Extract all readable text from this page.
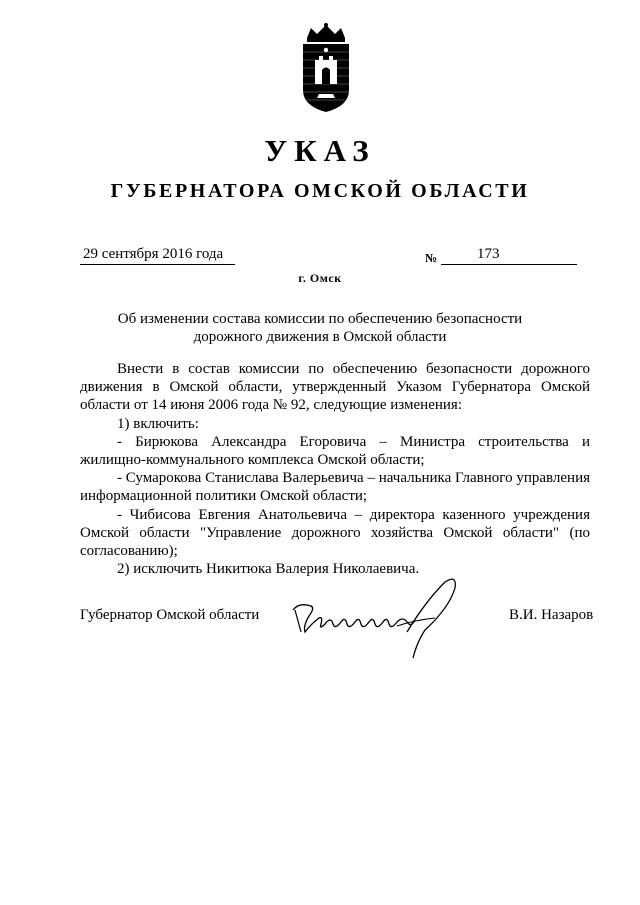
УКАЗ
ГУБЕРНАТОРА ОМСКОЙ ОБЛАСТИ
29 сентября 2016 года	№	173
г. Омск
Об изменении состава комиссии по обеспечению безопасности
дорожного движения в Омской области
Внести в состав комиссии по обеспечению безопасности дорожного движения в Омской области, утвержденный Указом Губернатора Омской области от 14 июня 2006 года № 92, следующие изменения:
1) включить:
- Бирюкова Александра Егоровича – Министра строительства и жилищно-коммунального комплекса Омской области;
- Сумарокова Станислава Валерьевича – начальника Главного управления информационной политики Омской области;
- Чибисова Евгения Анатольевича – директора казенного учреждения Омской области "Управление дорожного хозяйства Омской области" (по согласованию);
2) исключить Никитюка Валерия Николаевича.
Губернатор Омской области	В.И. Назаров
